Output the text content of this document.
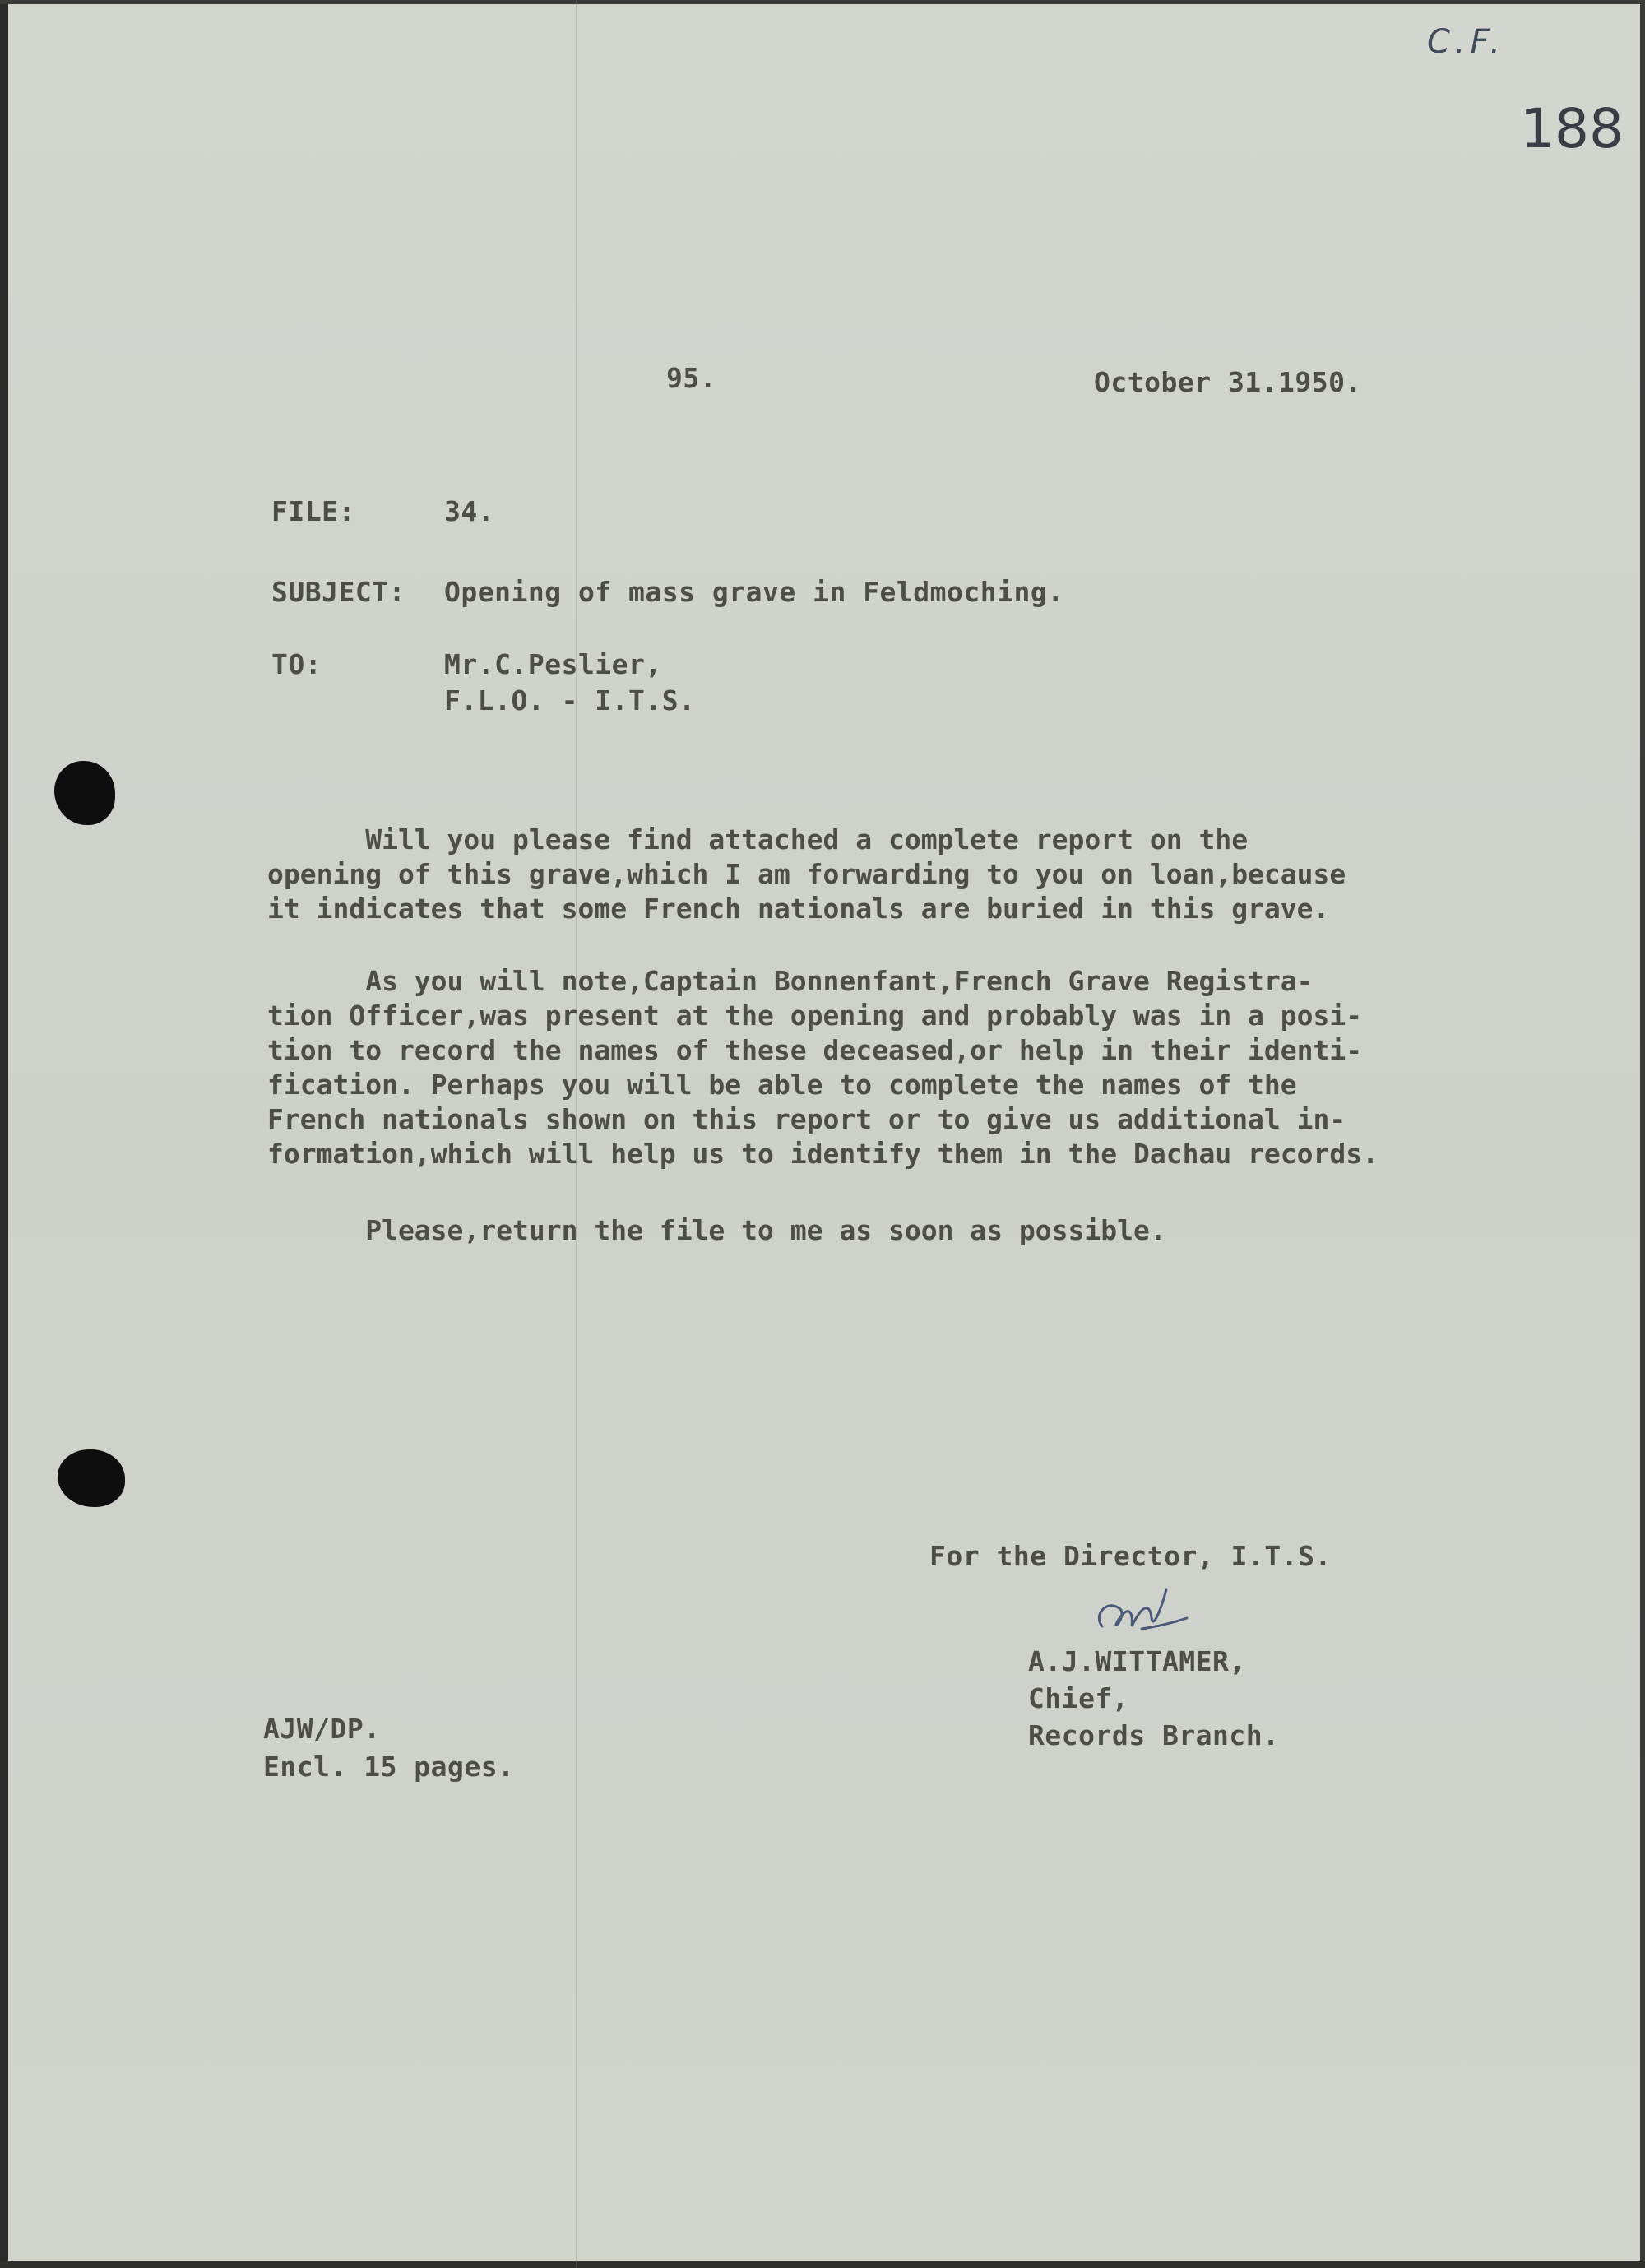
C.F.
188
95.	October 31.1950.
FILE:	34.
SUBJECT: Opening of mass grave in Feldmoching.
TO:	Mr.C.Peslier,
F.L.O. - I.T.S.

Will you please find attached a complete report on the

opening of this grave,which I am forwarding to you on loan,because

it indicates that some French nationals are buried in this grave.

As you will note,Captain Bonnenfant,French Grave Registra-

tion Officer,was present at the opening and probably was in a posi-

tion to record the names of these deceased,or help in their identi-

fication. Perhaps you will be able to complete the names of the

French nationals shown on this report or to give us additional in-

formation,which will help us to identify them in the Dachau records.

Please,return the file to me as soon as possible.

For the Director, I.T.S.
A.J.WITTAMER,
Chief,
Records Branch.
AJW/DP.
Encl. 15 pages.
